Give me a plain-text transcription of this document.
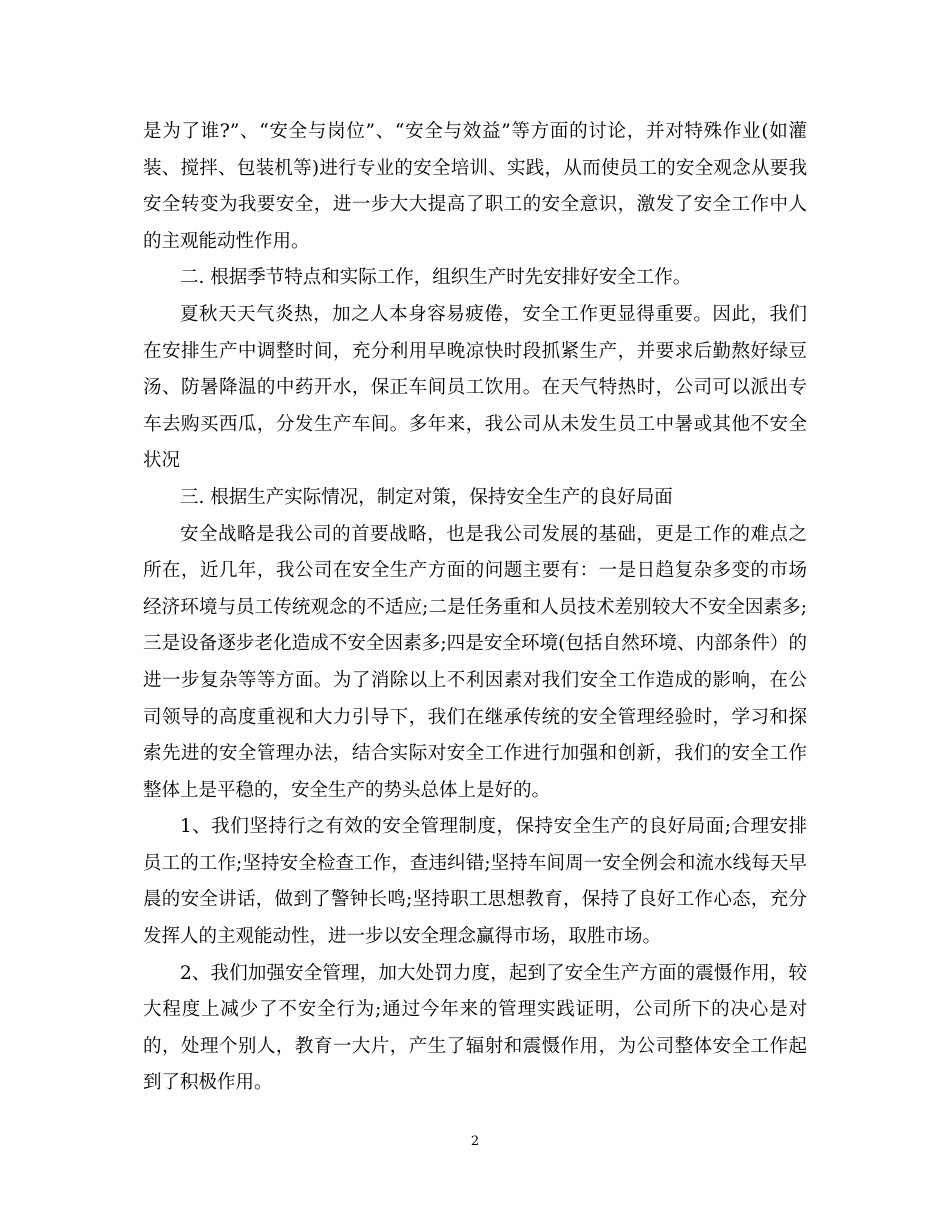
是为了谁?”、“安全与岗位”、“安全与效益”等方面的讨论，并对特殊作业(如灌装、搅拌、包装机等)进行专业的安全培训、实践，从而使员工的安全观念从要我安全转变为我要安全，进一步大大提高了职工的安全意识，激发了安全工作中人的主观能动性作用。

二. 根据季节特点和实际工作，组织生产时先安排好安全工作。

夏秋天天气炎热，加之人本身容易疲倦，安全工作更显得重要。因此，我们在安排生产中调整时间，充分利用早晚凉快时段抓紧生产，并要求后勤熬好绿豆汤、防暑降温的中药开水，保正车间员工饮用。在天气特热时，公司可以派出专车去购买西瓜，分发生产车间。多年来，我公司从未发生员工中暑或其他不安全状况

三. 根据生产实际情况，制定对策，保持安全生产的良好局面

安全战略是我公司的首要战略，也是我公司发展的基础，更是工作的难点之所在，近几年，我公司在安全生产方面的问题主要有：一是日趋复杂多变的市场经济环境与员工传统观念的不适应;二是任务重和人员技术差别较大不安全因素多;三是设备逐步老化造成不安全因素多;四是安全环境(包括自然环境、内部条件）的进一步复杂等等方面。为了消除以上不利因素对我们安全工作造成的影响，在公司领导的高度重视和大力引导下，我们在继承传统的安全管理经验时，学习和探索先进的安全管理办法，结合实际对安全工作进行加强和创新，我们的安全工作整体上是平稳的，安全生产的势头总体上是好的。

1、我们坚持行之有效的安全管理制度，保持安全生产的良好局面;合理安排员工的工作;坚持安全检查工作，查违纠错;坚持车间周一安全例会和流水线每天早晨的安全讲话，做到了警钟长鸣;坚持职工思想教育，保持了良好工作心态，充分发挥人的主观能动性，进一步以安全理念赢得市场，取胜市场。

2、我们加强安全管理，加大处罚力度，起到了安全生产方面的震慑作用，较大程度上减少了不安全行为;通过今年来的管理实践证明，公司所下的决心是对的，处理个别人，教育一大片，产生了辐射和震慑作用，为公司整体安全工作起到了积极作用。

2
